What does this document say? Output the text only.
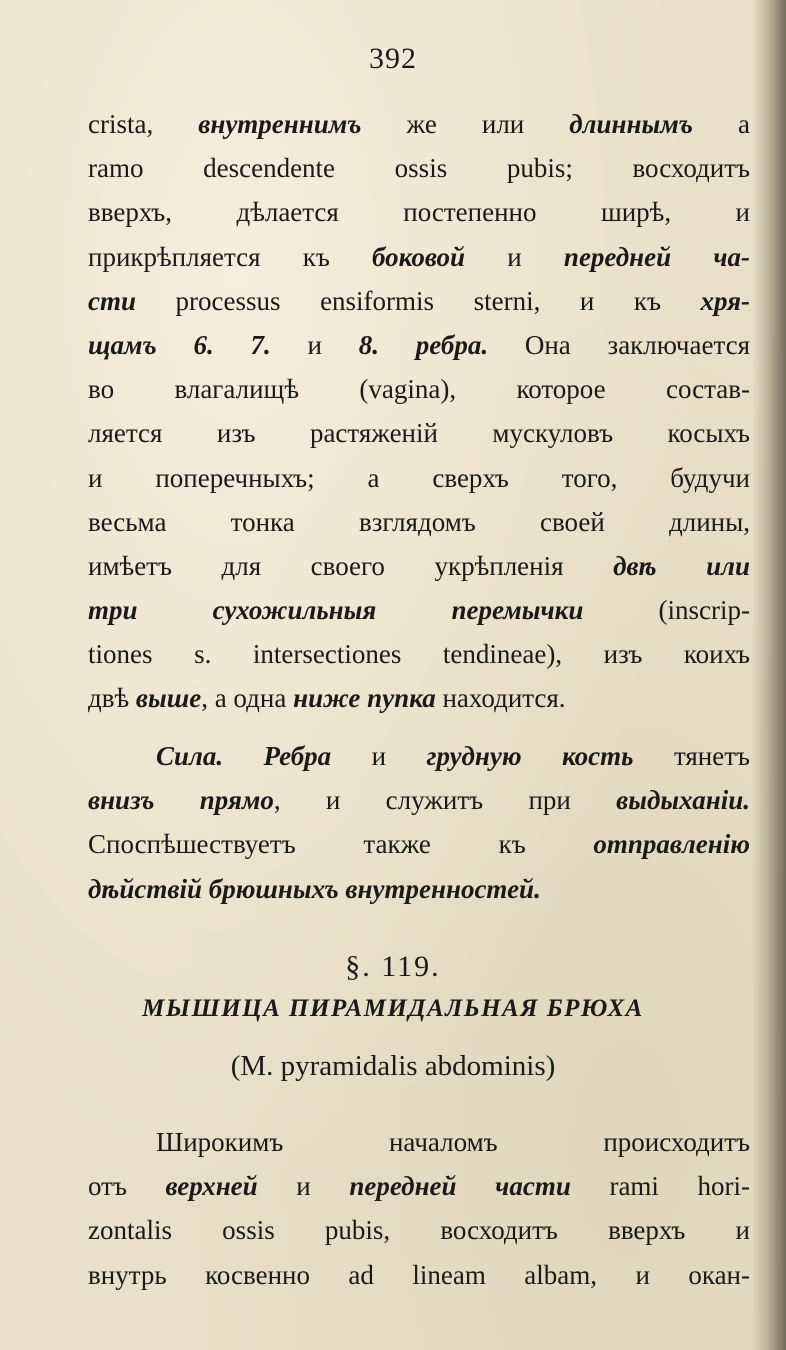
392
crista, внутреннимъ же или длиннымъ a
ramo descendente ossis pubis; восходитъ
вверхъ, дѣлается постепенно ширѣ, и
прикрѣпляется къ боковой и передней ча-
сти processus ensiformis sterni, и къ хря-
щамъ 6. 7. и 8. ребра. Она заключается
во влагалищѣ (vagina), которое состав-
ляется изъ растяженій мускуловъ косыхъ
и поперечныхъ; а сверхъ того, будучи
весьма тонка взглядомъ своей длины,
имѣетъ для своего укрѣпленія двѣ или
три сухожильныя перемычки (inscrip-
tiones s. intersectiones tendineae), изъ коихъ
двѣ выше, а одна ниже пупка находится.
Сила. Ребра и грудную кость тянетъ
внизъ прямо, и служитъ при выдыханіи.
Споспѣшествуетъ также къ отправленію
дѣйствій брюшныхъ внутренностей.
§. 119.
МЫШИЦА ПИРАМИДАЛЬНАЯ БРЮХА
(M. pyramidalis abdominis)
Широкимъ началомъ происходитъ
отъ верхней и передней части rami hori-
zontalis ossis pubis, восходитъ вверхъ и
внутрь косвенно ad lineam albam, и окан-
